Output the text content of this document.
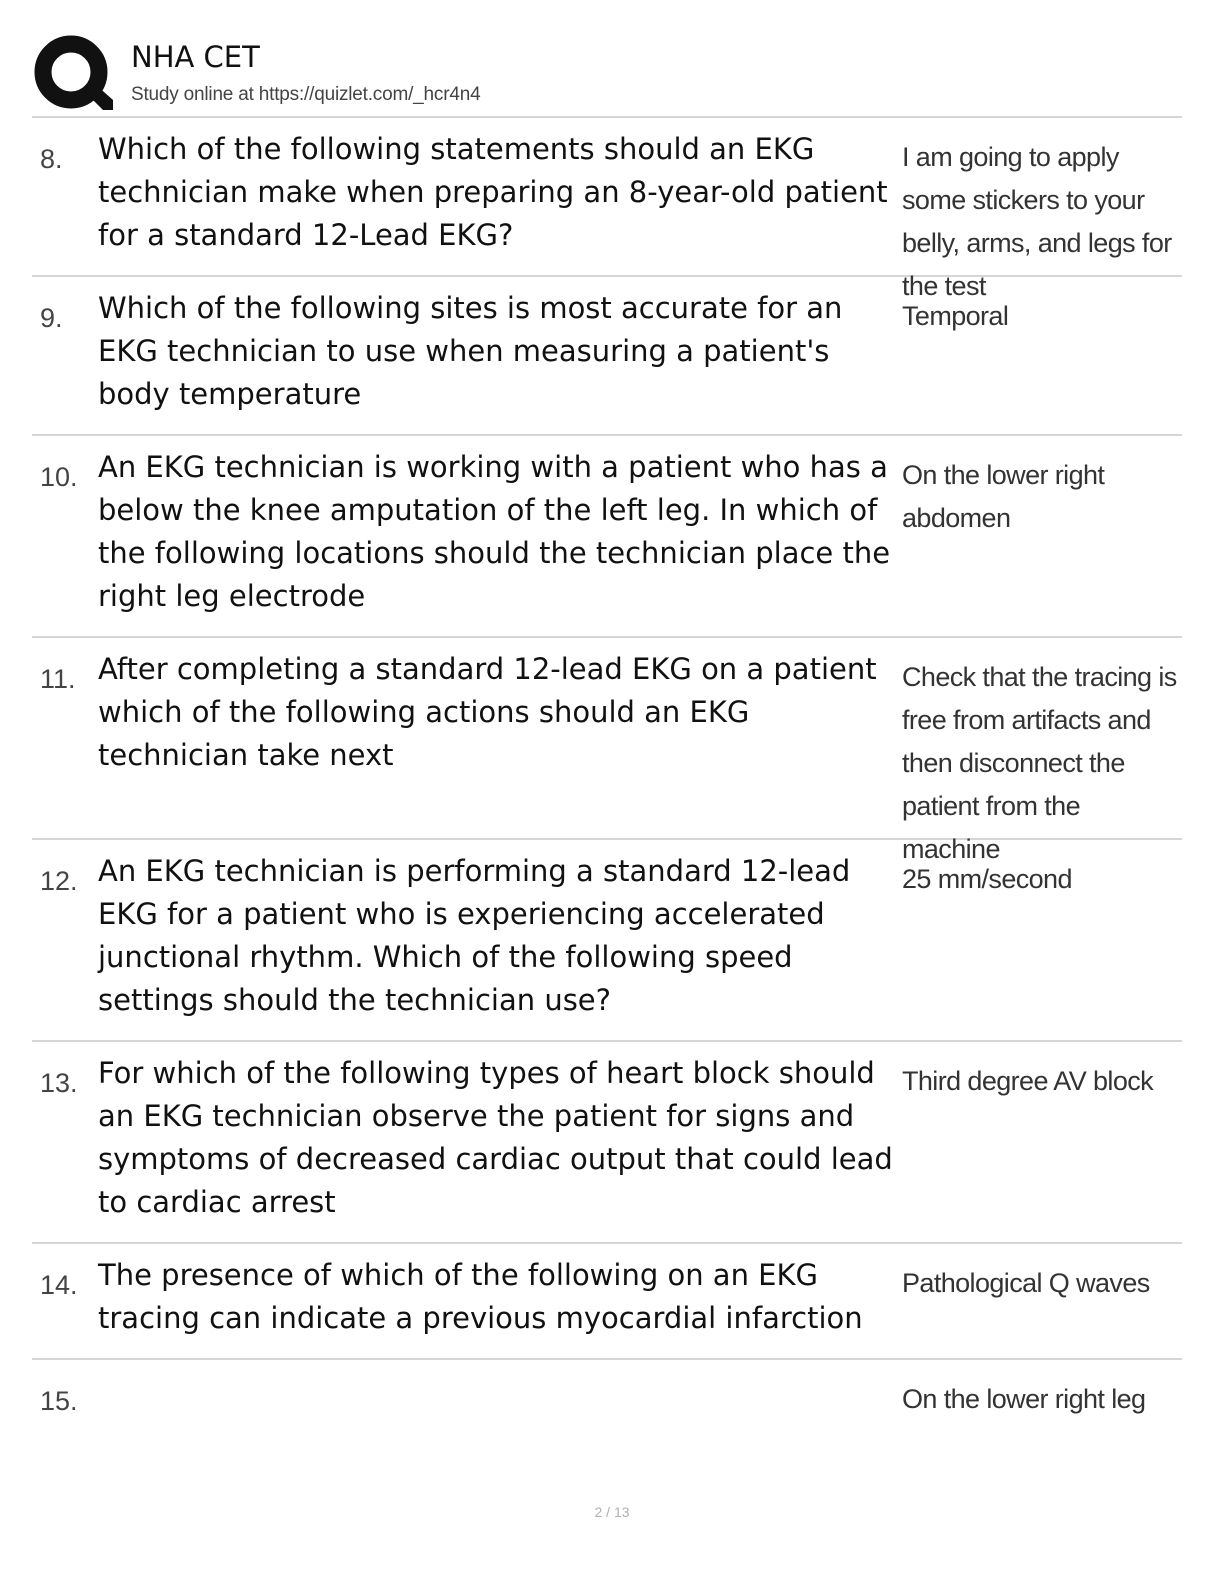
NHA CET
Study online at https://quizlet.com/_hcr4n4
8. Which of the following statements should an EKG technician make when preparing an 8-year-old patient for a standard 12-Lead EKG?
I am going to apply some stickers to your belly, arms, and legs for the test
9. Which of the following sites is most accurate for an EKG technician to use when measuring a patient's body temperature
Temporal
10. An EKG technician is working with a patient who has a below the knee amputation of the left leg. In which of the following locations should the technician place the right leg electrode
On the lower right abdomen
11. After completing a standard 12-lead EKG on a patient which of the following actions should an EKG technician take next
Check that the tracing is free from artifacts and then disconnect the patient from the machine
12. An EKG technician is performing a standard 12-lead EKG for a patient who is experiencing accelerated junctional rhythm. Which of the following speed settings should the technician use?
25 mm/second
13. For which of the following types of heart block should an EKG technician observe the patient for signs and symptoms of decreased cardiac output that could lead to cardiac arrest
Third degree AV block
14. The presence of which of the following on an EKG tracing can indicate a previous myocardial infarction
Pathological Q waves
15.	On the lower right leg
2 / 13
